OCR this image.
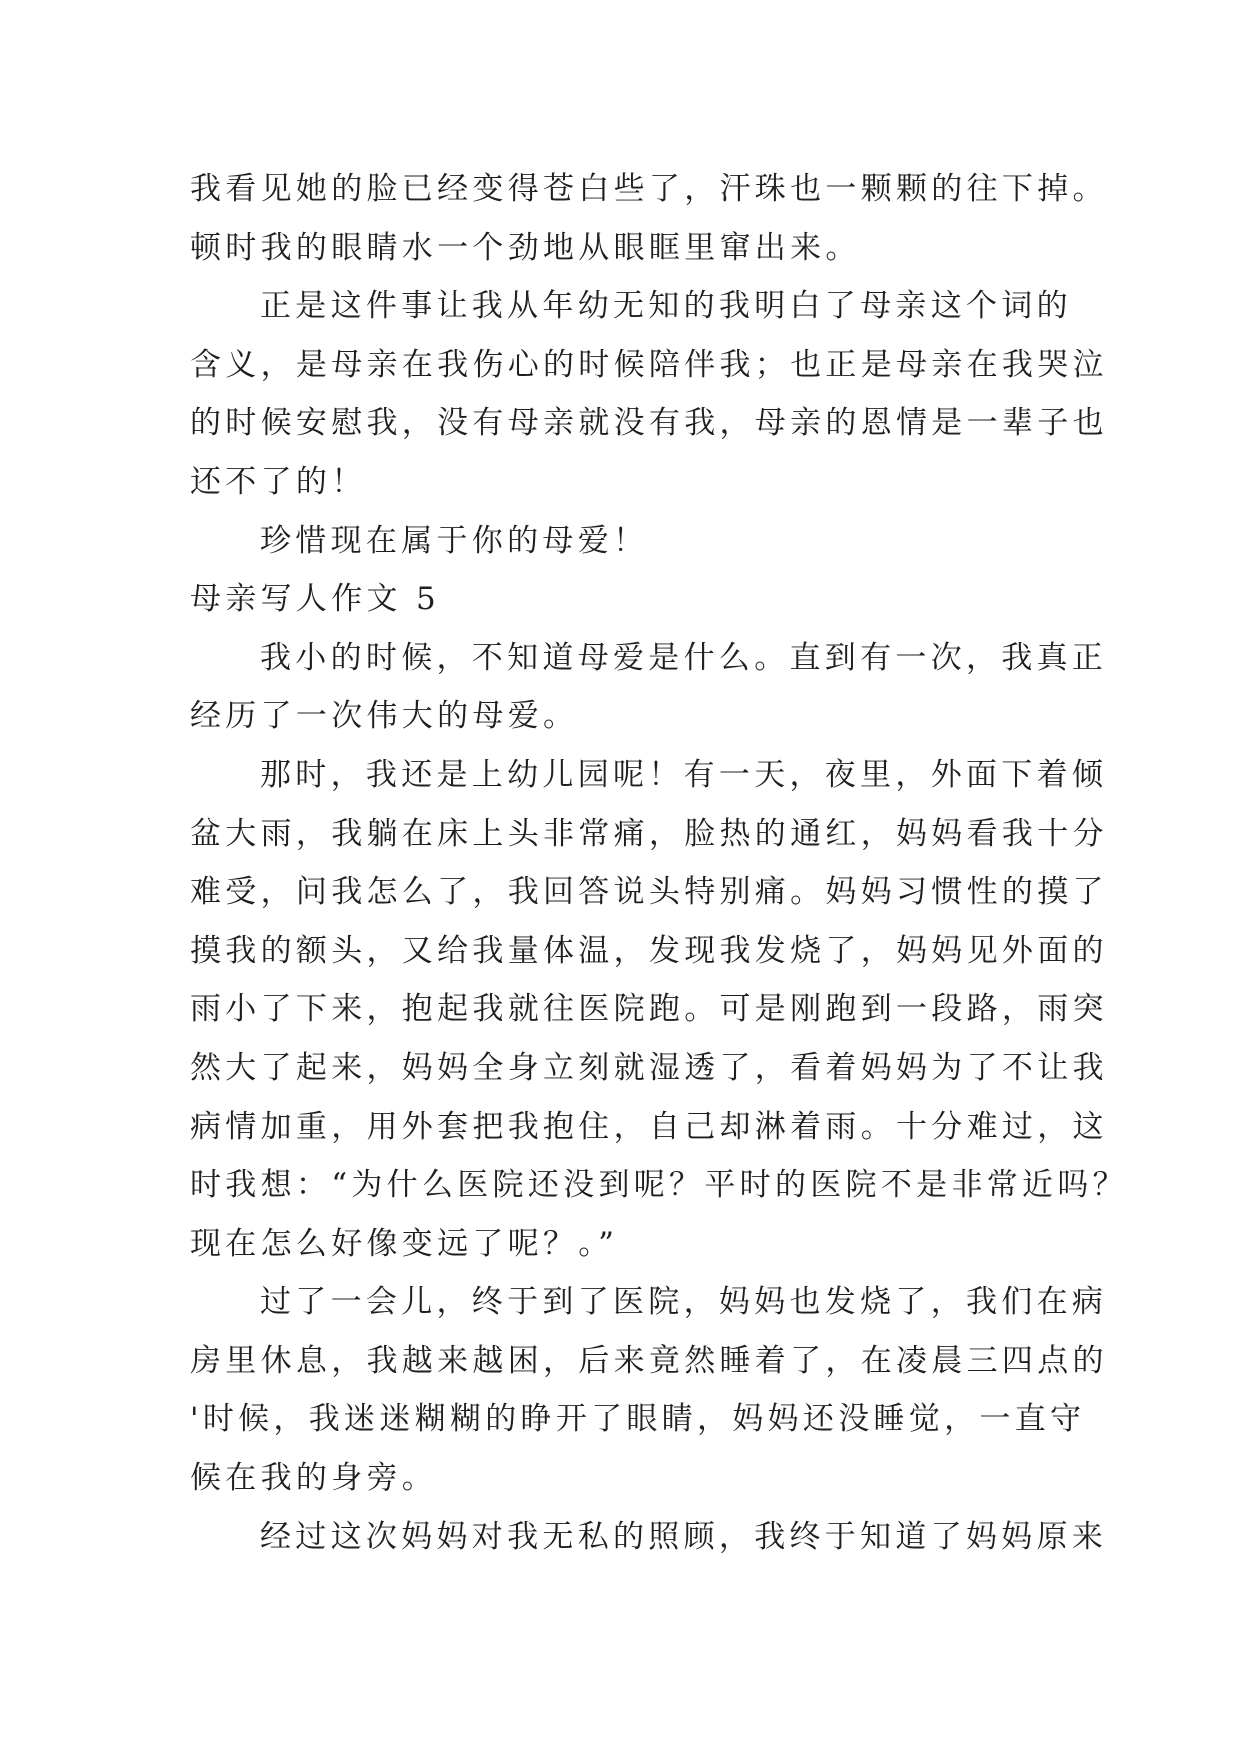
我看见她的脸已经变得苍白些了，汗珠也一颗颗的往下掉。
顿时我的眼睛水一个劲地从眼眶里窜出来。
正是这件事让我从年幼无知的我明白了母亲这个词的
含义，是母亲在我伤心的时候陪伴我；也正是母亲在我哭泣
的时候安慰我，没有母亲就没有我，母亲的恩情是一辈子也
还不了的！
珍惜现在属于你的母爱！
母亲写人作文 5
我小的时候，不知道母爱是什么。直到有一次，我真正
经历了一次伟大的母爱。
那时，我还是上幼儿园呢！有一天，夜里，外面下着倾
盆大雨，我躺在床上头非常痛，脸热的通红，妈妈看我十分
难受，问我怎么了，我回答说头特别痛。妈妈习惯性的摸了
摸我的额头，又给我量体温，发现我发烧了，妈妈见外面的
雨小了下来，抱起我就往医院跑。可是刚跑到一段路，雨突
然大了起来，妈妈全身立刻就湿透了，看着妈妈为了不让我
病情加重，用外套把我抱住，自己却淋着雨。十分难过，这
时我想：“为什么医院还没到呢？平时的医院不是非常近吗？
现在怎么好像变远了呢？。”
过了一会儿，终于到了医院，妈妈也发烧了，我们在病
房里休息，我越来越困，后来竟然睡着了，在凌晨三四点的
'时候，我迷迷糊糊的睁开了眼睛，妈妈还没睡觉，一直守
候在我的身旁。
经过这次妈妈对我无私的照顾，我终于知道了妈妈原来
